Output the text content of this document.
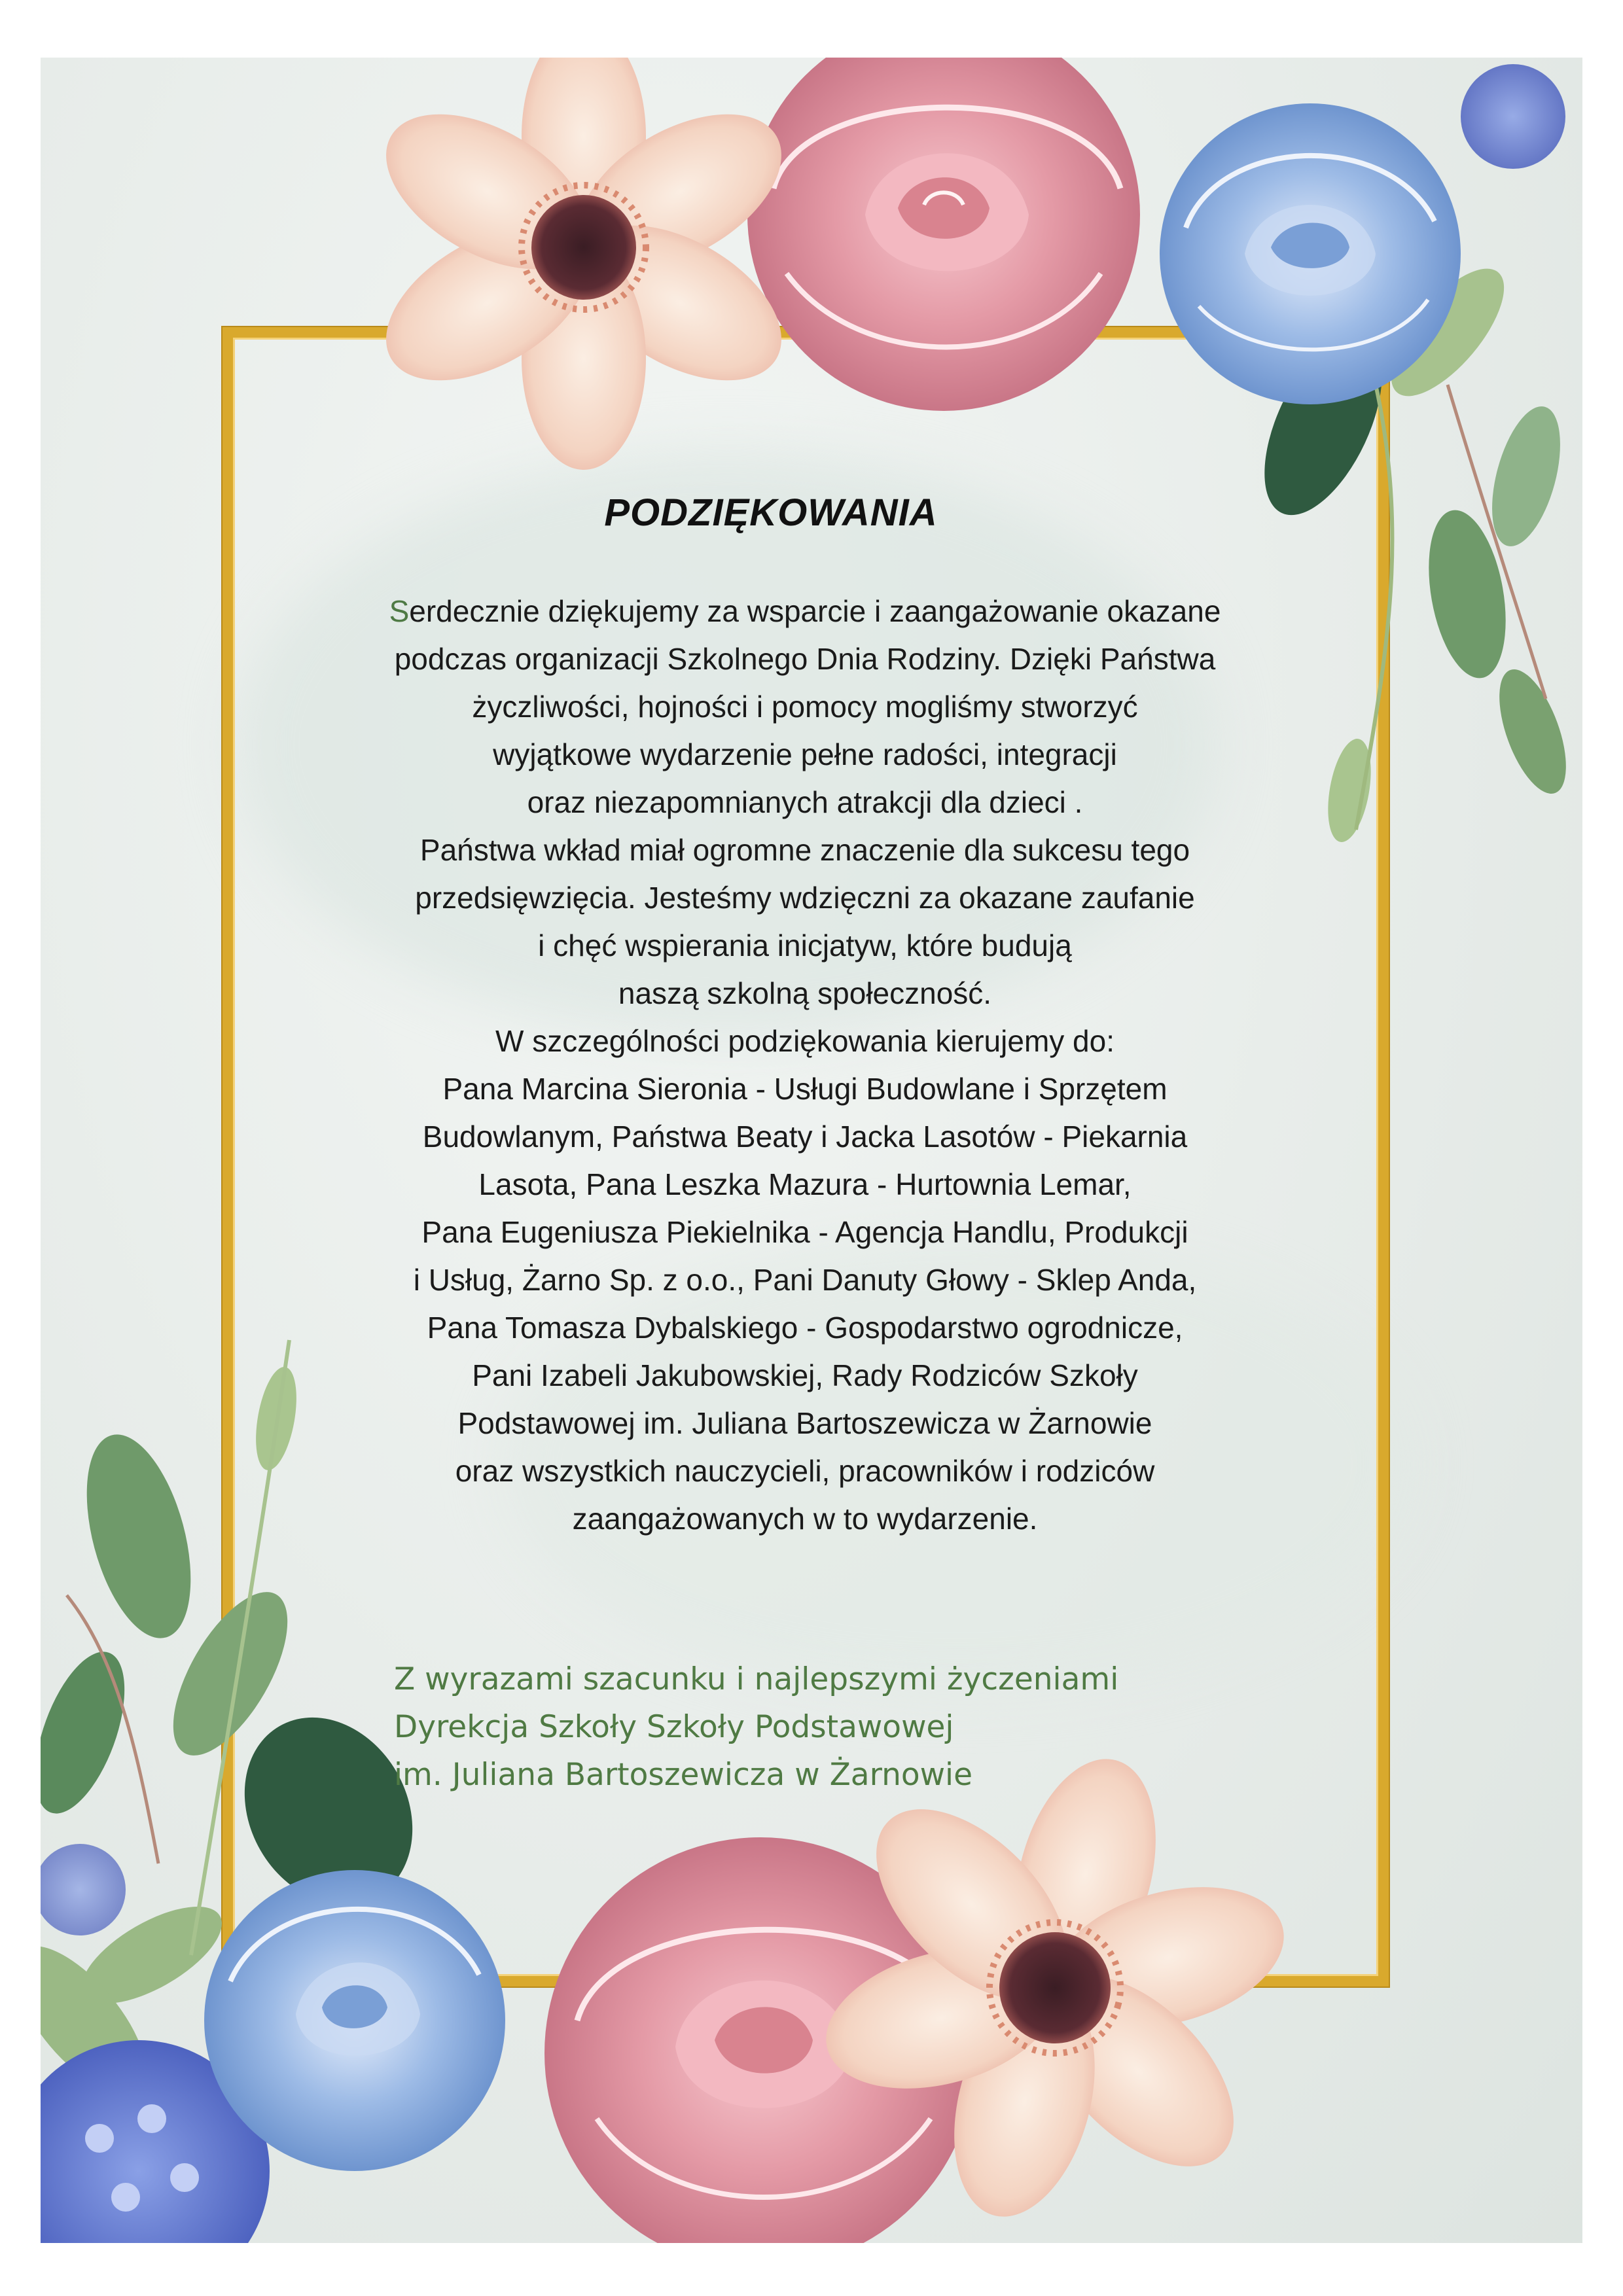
PODZIĘKOWANIA
Serdecznie dziękujemy za wsparcie i zaangażowanie okazane
podczas organizacji Szkolnego Dnia Rodziny. Dzięki Państwa
życzliwości, hojności i pomocy mogliśmy stworzyć
wyjątkowe wydarzenie pełne radości, integracji
oraz niezapomnianych atrakcji dla dzieci .
Państwa wkład miał ogromne znaczenie dla sukcesu tego
przedsięwzięcia. Jesteśmy wdzięczni za okazane zaufanie
i chęć wspierania inicjatyw, które budują
naszą szkolną społeczność.
W szczególności podziękowania kierujemy do:
Pana Marcina Sieronia - Usługi Budowlane i Sprzętem
Budowlanym, Państwa Beaty i Jacka Lasotów - Piekarnia
Lasota, Pana Leszka Mazura - Hurtownia Lemar,
Pana Eugeniusza Piekielnika - Agencja Handlu, Produkcji
i Usług, Żarno Sp. z o.o., Pani Danuty Głowy - Sklep Anda,
Pana Tomasza Dybalskiego - Gospodarstwo ogrodnicze,
Pani Izabeli Jakubowskiej, Rady Rodziców Szkoły
Podstawowej im. Juliana Bartoszewicza w Żarnowie
oraz wszystkich nauczycieli, pracowników i rodziców
zaangażowanych w to wydarzenie.
Z wyrazami szacunku i najlepszymi życzeniami
Dyrekcja Szkoły Szkoły Podstawowej
im. Juliana Bartoszewicza w Żarnowie
